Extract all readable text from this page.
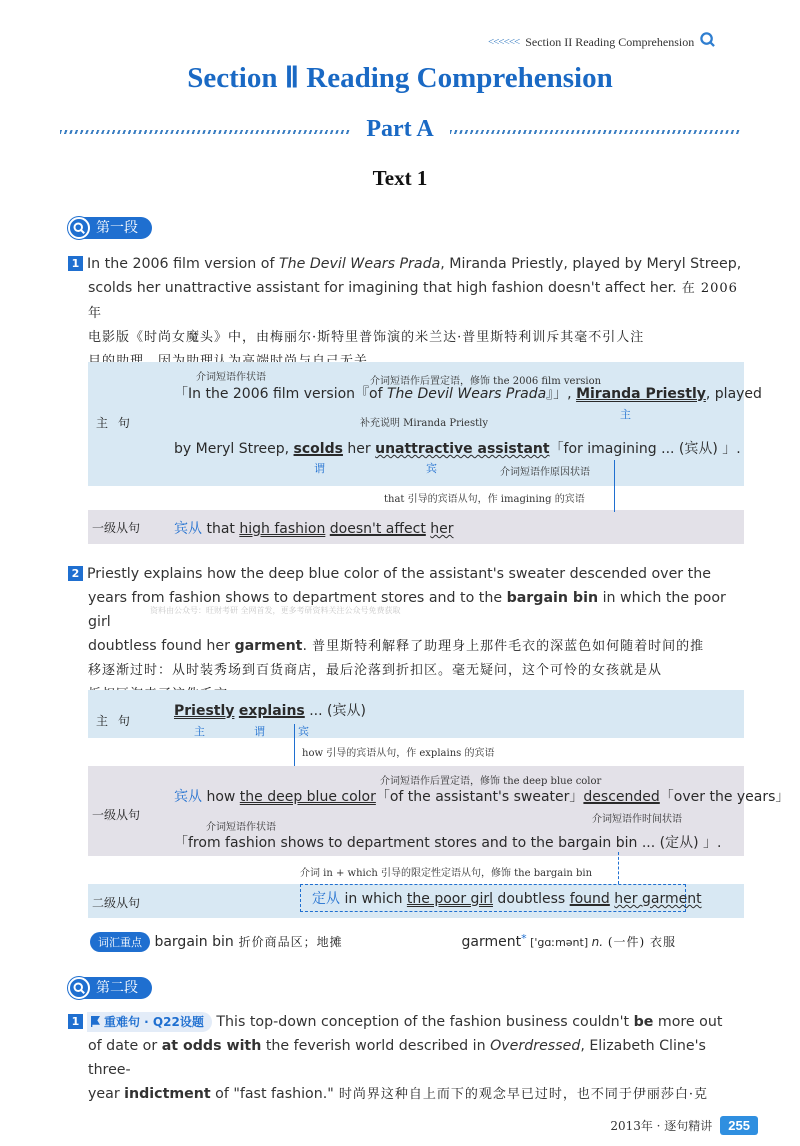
<<<<<< Section II Reading Comprehension
Section Ⅱ Reading Comprehension
Part A
Text 1
第一段
1 In the 2006 film version of The Devil Wears Prada, Miranda Priestly, played by Meryl Streep,
scolds her unattractive assistant for imagining that high fashion doesn't affect her. 在 2006 年
电影版《时尚女魔头》中，由梅丽尔·斯特里普饰演的米兰达·普里斯特利训斥其毫不引人注
主 句
一级从句
介词短语作状语	介词短语作后置定语，修饰 the 2006 film version
「In the 2006 film version『of The Devil Wears Prada』」, Miranda Priestly, played
主
补充说明 Miranda Priestly
by Meryl Streep, scolds her unattractive assistant「for imagining ... (宾从) 」.
谓	宾	介词短语作原因状语
that 引导的宾语从句，作 imagining 的宾语
宾从 that high fashion doesn't affect her
2 Priestly explains how the deep blue color of the assistant's sweater descended over the
years from fashion shows to department stores and to the bargain bin in which the poor girl
doubtless found her garment. 普里斯特利解释了助理身上那件毛衣的深蓝色如何随着时间的推
移逐渐过时：从时装秀场到百货商店，最后沦落到折扣区。毫无疑问，这个可怜的女孩就是从
资料由公众号：旺财考研 全网首发，更多考研资料关注公众号免费获取
主 句
一级从句
二级从句
Priestly explains ... (宾从)
主	谓	宾
how 引导的宾语从句，作 explains 的宾语
介词短语作后置定语，修饰 the deep blue color
宾从 how the deep blue color「of the assistant's sweater」descended「over the years」
介词短语作时间状语
介词短语作状语
「from fashion shows to department stores and to the bargain bin ... (定从) 」.
介词 in + which 引导的限定性定语从句，修饰 the bargain bin
定从 in which the poor girl doubtless found her garment
词汇重点 bargain bin 折价商品区；地摊	garment* ['gɑːmənt] n. (一件) 衣服
第二段
1 重难句 · Q22设题 This top-down conception of the fashion business couldn't be more out
of date or at odds with the feverish world described in Overdressed, Elizabeth Cline's three-
year indictment of "fast fashion." 时尚界这种自上而下的观念早已过时，也不同于伊丽莎白·克
2013年 · 逐句精讲	255
